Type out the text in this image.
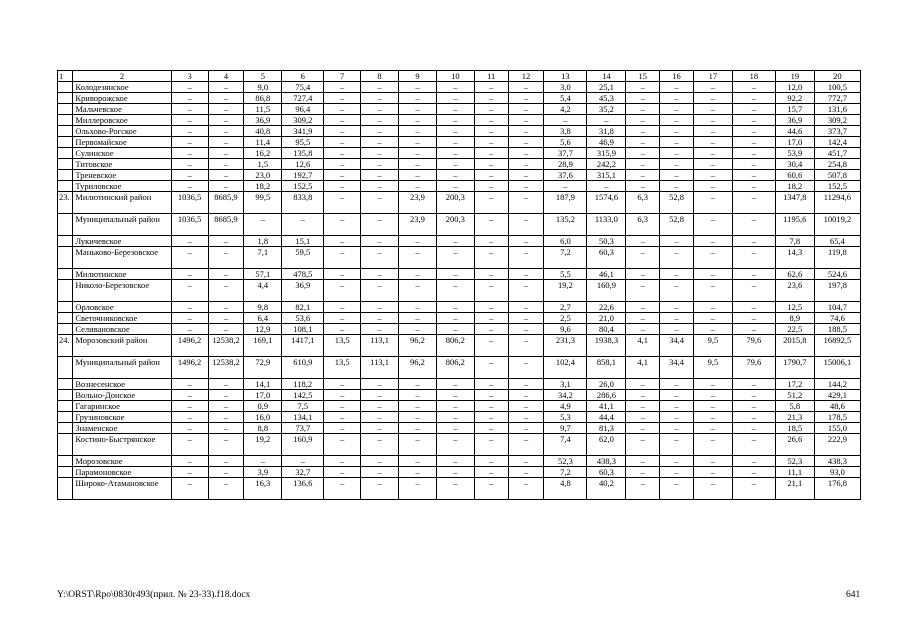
1	2	3	4	5	6	7	8	9	10	11	12	13	14	15	16	17	18	19	20
	Колодезянское	–	–	9,0	75,4	–	–	–	–	–	–	3,0	25,1	–	–	–	–	12,0	100,5
	Криворожское	–	–	86,8	727,4	–	–	–	–	–	–	5,4	45,3	–	–	–	–	92,2	772,7
	Мальчевское	–	–	11,5	96,4	–	–	–	–	–	–	4,2	35,2	–	–	–	–	15,7	131,6
	Миллеровское	–	–	36,9	309,2	–	–	–	–	–	–	–	–	–	–	–	–	36,9	309,2
	Ольхово-Рогское	–	–	40,8	341,9	–	–	–	–	–	–	3,8	31,8	–	–	–	–	44,6	373,7
	Первомайское	–	–	11,4	95,5	–	–	–	–	–	–	5,6	46,9	–	–	–	–	17,0	142,4
	Сулинское	–	–	16,2	135,8	–	–	–	–	–	–	37,7	315,9	–	–	–	–	53,9	451,7
	Титовское	–	–	1,5	12,6	–	–	–	–	–	–	28,9	242,2	–	–	–	–	30,4	254,8
	Треневское	–	–	23,0	192,7	–	–	–	–	–	–	37,6	315,1	–	–	–	–	60,6	507,8
	Туриловское	–	–	18,2	152,5	–	–	–	–	–	–	–	–	–	–	–	–	18,2	152,5
23.	Милютинский район	1036,5	8685,9	99,5	833,8	–	–	23,9	200,3	–	–	187,9	1574,6	6,3	52,8	–	–	1347,8	11294,6
	Муниципальный район	1036,5	8685,9	–	–	–	–	23,9	200,3	–	–	135,2	1133,0	6,3	52,8	–	–	1195,6	10019,2
	Лукичевское	–	–	1,8	15,1	–	–	–	–	–	–	6,0	50,3	–	–	–	–	7,8	65,4
	Маньково-Березовское	–	–	7,1	59,5	–	–	–	–	–	–	7,2	60,3	–	–	–	–	14,3	119,8
	Милютинское	–	–	57,1	478,5	–	–	–	–	–	–	5,5	46,1	–	–	–	–	62,6	524,6
	Николо-Березовское	–	–	4,4	36,9	–	–	–	–	–	–	19,2	160,9	–	–	–	–	23,6	197,8
	Орловское	–	–	9,8	82,1	–	–	–	–	–	–	2,7	22,6	–	–	–	–	12,5	104,7
	Светочниковское	–	–	6,4	53,6	–	–	–	–	–	–	2,5	21,0	–	–	–	–	8,9	74,6
	Селивановское	–	–	12,9	108,1	–	–	–	–	–	–	9,6	80,4	–	–	–	–	22,5	188,5
24.	Морозовский район	1496,2	12538,2	169,1	1417,1	13,5	113,1	96,2	806,2	–	–	231,3	1938,3	4,1	34,4	9,5	79,6	2015,8	16892,5
	Муниципальный район	1496,2	12538,2	72,9	610,9	13,5	113,1	96,2	806,2	–	–	102,4	858,1	4,1	34,4	9,5	79,6	1790,7	15006,1
	Вознесенское	–	–	14,1	118,2	–	–	–	–	–	–	3,1	26,0	–	–	–	–	17,2	144,2
	Вольно-Донское	–	–	17,0	142,5	–	–	–	–	–	–	34,2	286,6	–	–	–	–	51,2	429,1
	Гагаринское	–	–	0,9	7,5	–	–	–	–	–	–	4,9	41,1	–	–	–	–	5,8	48,6
	Грузиновское	–	–	16,0	134,1	–	–	–	–	–	–	5,3	44,4	–	–	–	–	21,3	178,5
	Знаменское	–	–	8,8	73,7	–	–	–	–	–	–	9,7	81,3	–	–	–	–	18,5	155,0
	Костино-Быстрянское	–	–	19,2	160,9	–	–	–	–	–	–	7,4	62,0	–	–	–	–	26,6	222,9
	Морозовское	–	–	–	–	–	–	–	–	–	–	52,3	438,3	–	–	–	–	52,3	438,3
	Парамоновское	–	–	3,9	32,7	–	–	–	–	–	–	7,2	60,3	–	–	–	–	11,1	93,0
	Широко-Атамановское	–	–	16,3	136,6	–	–	–	–	–	–	4,8	40,2	–	–	–	–	21,1	176,8
Y:\ORST\Rpo\0830r493(прил. № 23-33).f18.docx	641
